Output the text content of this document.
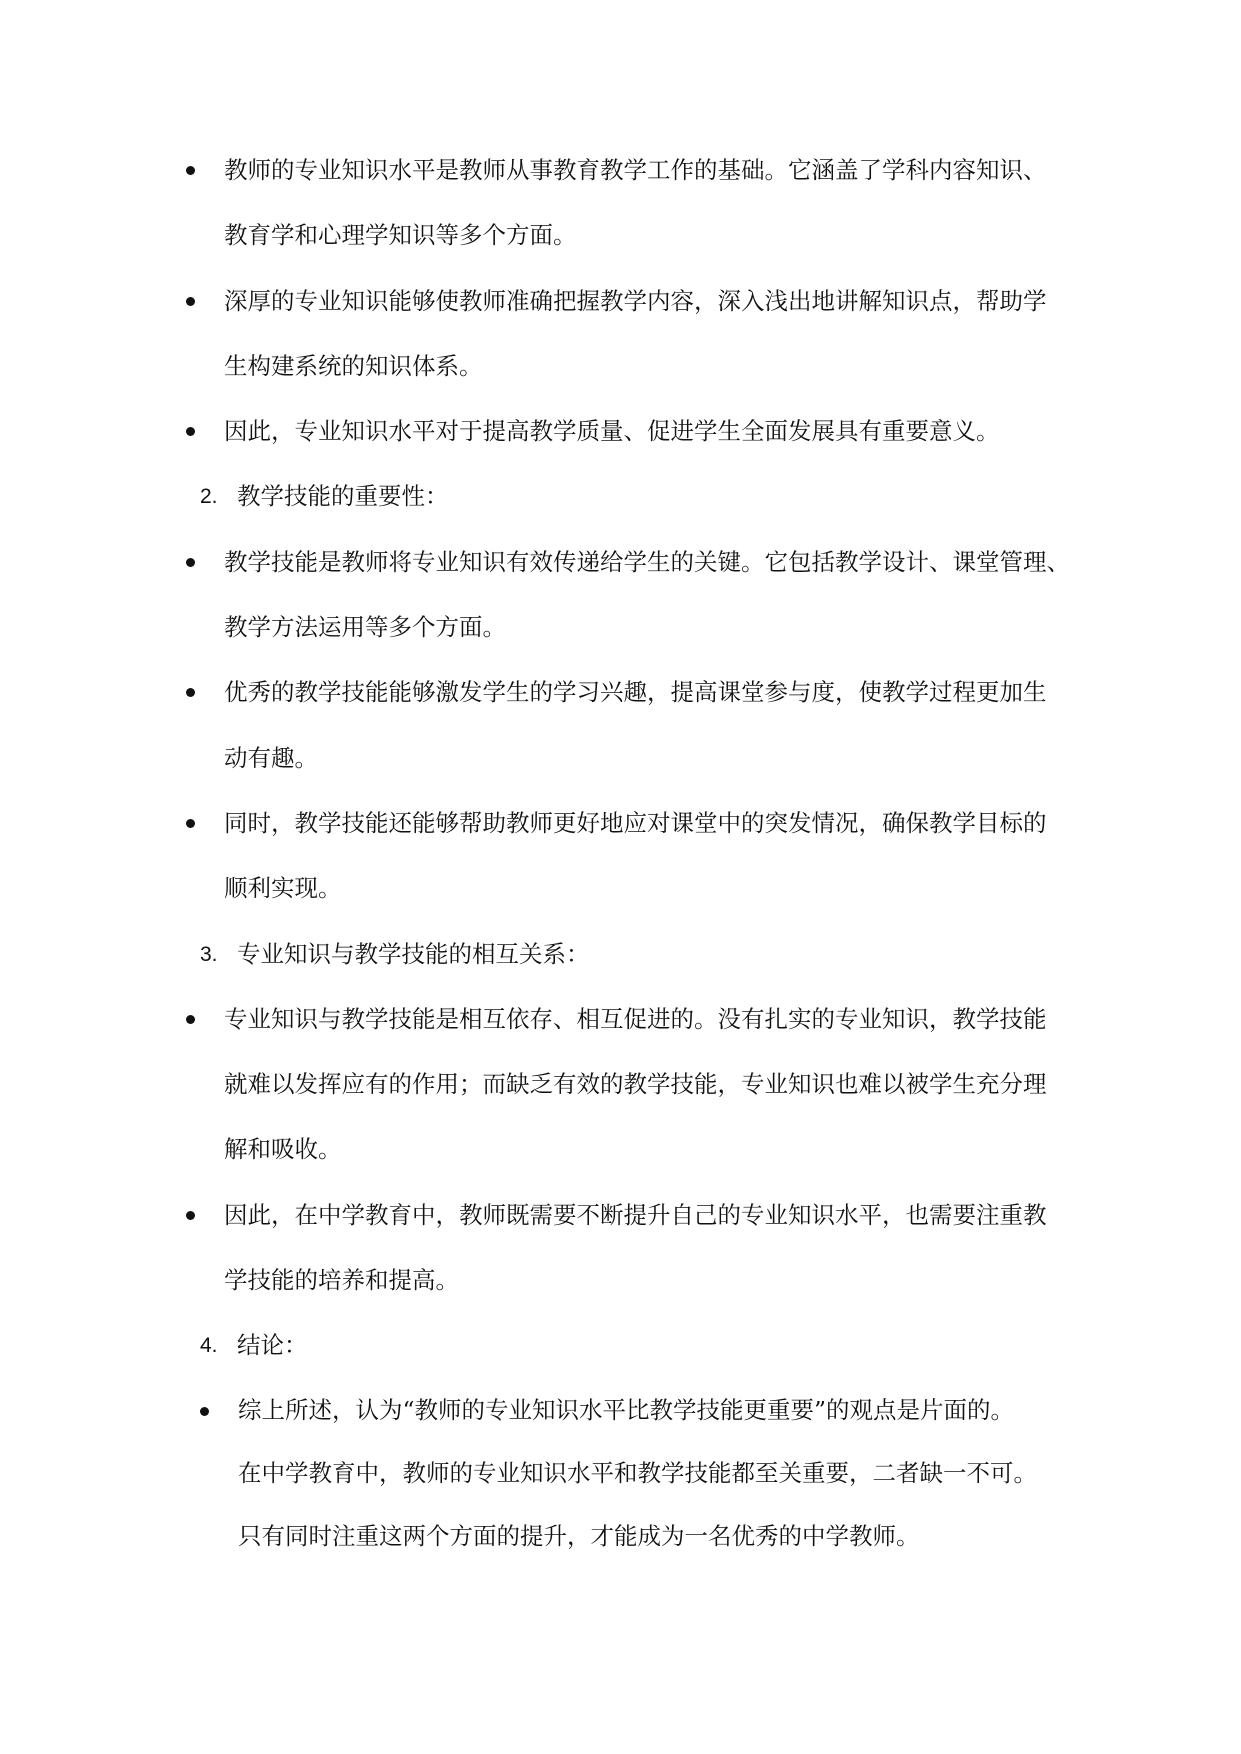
教师的专业知识水平是教师从事教育教学工作的基础。它涵盖了学科内容知识、
教育学和心理学知识等多个方面。
深厚的专业知识能够使教师准确把握教学内容，深入浅出地讲解知识点，帮助学
生构建系统的知识体系。
因此，专业知识水平对于提高教学质量、促进学生全面发展具有重要意义。
2. 教学技能的重要性：
教学技能是教师将专业知识有效传递给学生的关键。它包括教学设计、课堂管理、
教学方法运用等多个方面。
优秀的教学技能能够激发学生的学习兴趣，提高课堂参与度，使教学过程更加生
动有趣。
同时，教学技能还能够帮助教师更好地应对课堂中的突发情况，确保教学目标的
顺利实现。
3. 专业知识与教学技能的相互关系：
专业知识与教学技能是相互依存、相互促进的。没有扎实的专业知识，教学技能
就难以发挥应有的作用；而缺乏有效的教学技能，专业知识也难以被学生充分理
解和吸收。
因此，在中学教育中，教师既需要不断提升自己的专业知识水平，也需要注重教
学技能的培养和提高。
4. 结论：
综上所述，认为“教师的专业知识水平比教学技能更重要”的观点是片面的。
在中学教育中，教师的专业知识水平和教学技能都至关重要，二者缺一不可。
只有同时注重这两个方面的提升，才能成为一名优秀的中学教师。
